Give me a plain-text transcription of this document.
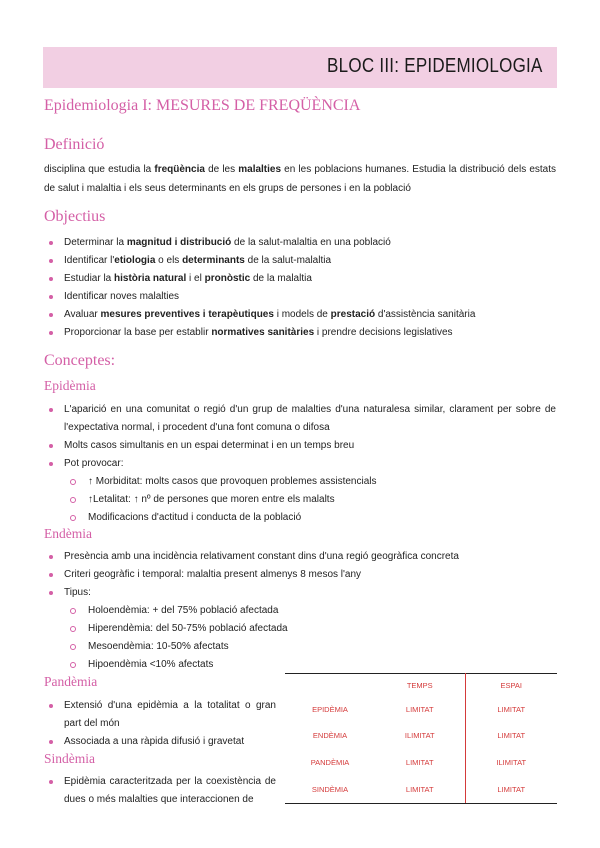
BLOC III: EPIDEMIOLOGIA
Epidemiologia I: MESURES DE FREQÜÈNCIA
Definició
disciplina que estudia la freqüència de les malalties en les poblacions humanes. Estudia la distribució dels estats de salut i malaltia i els seus determinants en els grups de persones i en la població
Objectius
Determinar la magnitud i distribució de la salut-malaltia en una població
Identificar l'etiologia o els determinants de la salut-malaltia
Estudiar la història natural i el pronòstic de la malaltia
Identificar noves malalties
Avaluar mesures preventives i terapèutiques i models de prestació d'assistència sanitària
Proporcionar la base per establir normatives sanitàries i prendre decisions legislatives
Conceptes:
Epidèmia
L'aparició en una comunitat o regió d'un grup de malalties d'una naturalesa similar, clarament per sobre de l'expectativa normal, i procedent d'una font comuna o difosa
Molts casos simultanis en un espai determinat i en un temps breu
Pot provocar:
↑ Morbiditat: molts casos que provoquen problemes assistencials
↑Letalitat: ↑ nº de persones que moren entre els malalts
Modificacions d'actitud i conducta de la població
Endèmia
Presència amb una incidència relativament constant dins d'una regió geogràfica concreta
Criteri geogràfic i temporal: malaltia present almenys 8 mesos l'any
Tipus:
Holoendèmia: + del 75% població afectada
Hiperendèmia: del 50-75% població afectada
Mesoendèmia: 10-50% afectats
Hipoendèmia <10% afectats
Pandèmia
Extensió d'una epidèmia a la totalitat o gran part del món
Associada a una ràpida difusió i gravetat
Sindèmia
Epidèmia caracteritzada per la coexistència de dues o més malalties que interaccionen de
	TEMPS	ESPAI
EPIDÈMIA	LIMITAT	LIMITAT
ENDÈMIA	ILIMITAT	LIMITAT
PANDÈMIA	LIMITAT	ILIMITAT
SINDÈMIA	LIMITAT	LIMITAT
